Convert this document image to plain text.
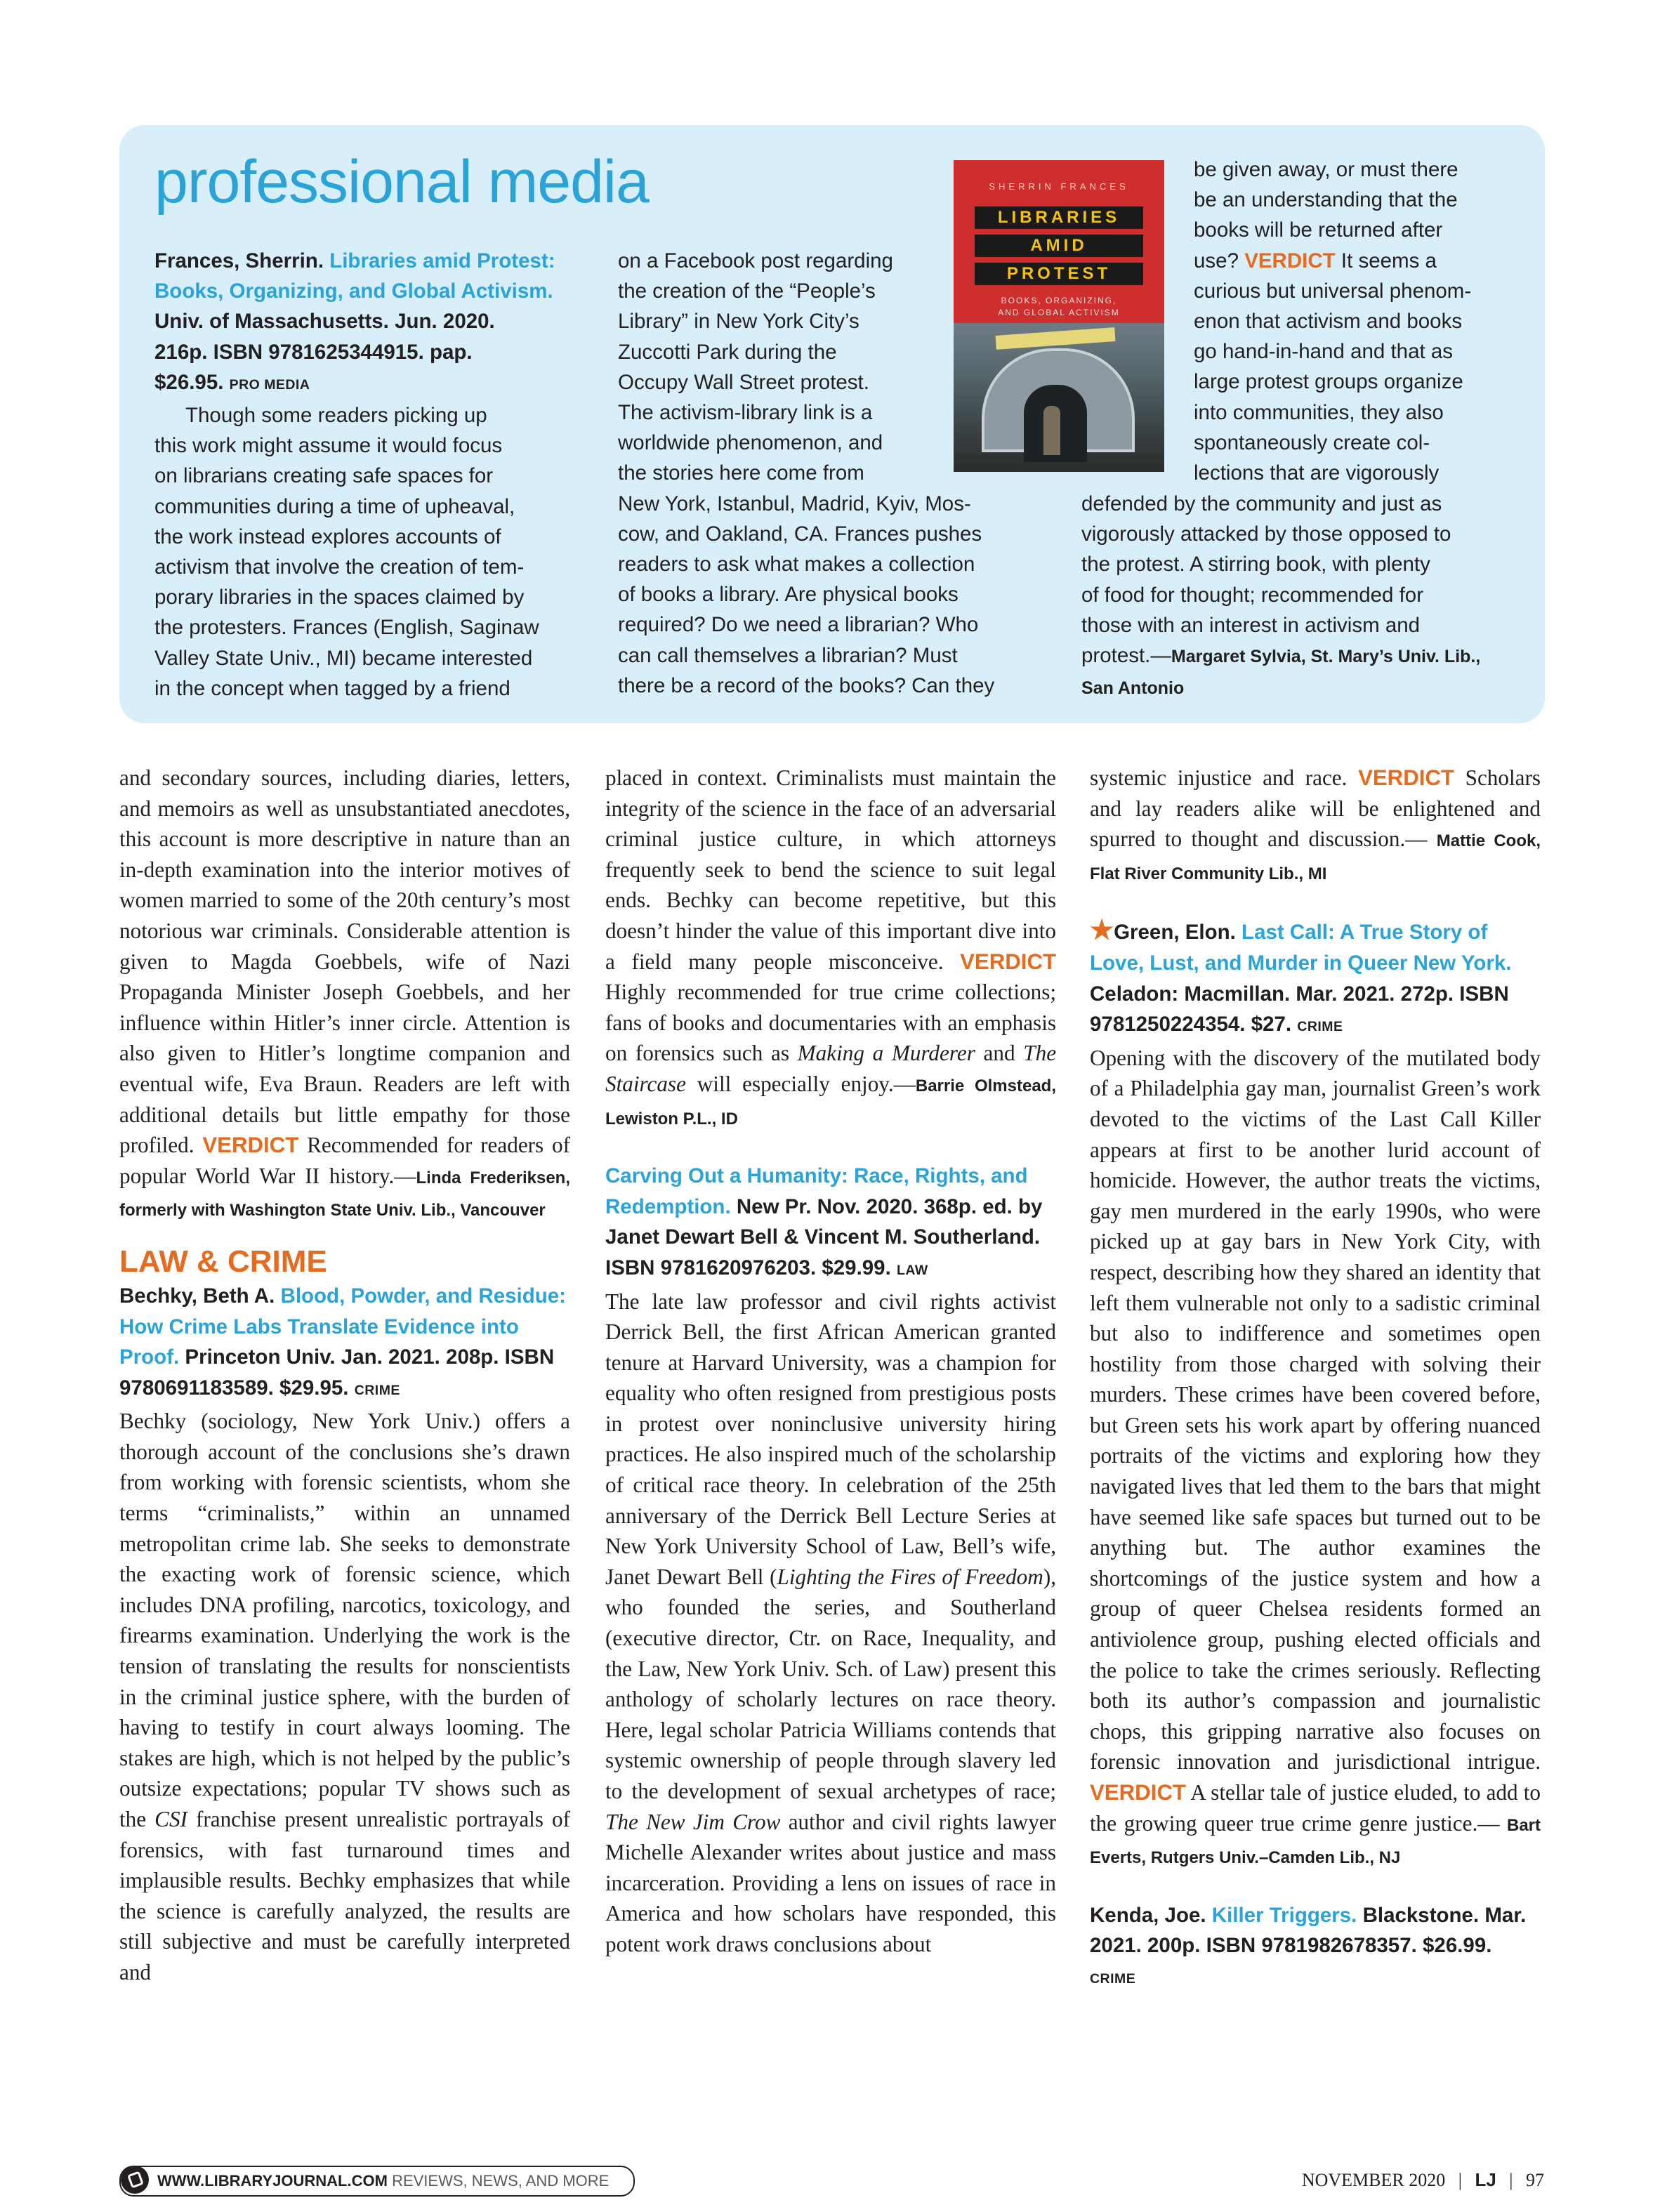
professional media

Frances, Sherrin. Libraries amid Protest: Books, Organizing, and Global Activism.

Univ. of Massachusetts. Jun. 2020.

216p. ISBN 9781625344915. pap.

$26.95. PRO MEDIA

Though some readers picking up

this work might assume it would focus

on librarians creating safe spaces for

communities during a time of upheaval,

the work instead explores accounts of

activism that involve the creation of tem-

porary libraries in the spaces claimed by

the protesters. Frances (English, Saginaw

Valley State Univ., MI) became interested

in the concept when tagged by a friend

on a Facebook post regarding

the creation of the “People’s

Library” in New York City’s

Zuccotti Park during the

Occupy Wall Street protest.

The activism-library link is a

worldwide phenomenon, and

the stories here come from

New York, Istanbul, Madrid, Kyiv, Mos-

cow, and Oakland, CA. Frances pushes

readers to ask what makes a collection

of books a library. Are physical books

required? Do we need a librarian? Who

can call themselves a librarian? Must

there be a record of the books? Can they

SHERRIN FRANCES
LIBRARIES
AMID
PROTEST
BOOKS, ORGANIZING,
AND GLOBAL ACTIVISM

be given away, or must there

be an understanding that the

books will be returned after

use? VERDICT It seems a

curious but universal phenom-

enon that activism and books

go hand-in-hand and that as

large protest groups organize

into communities, they also

spontaneously create col-

lections that are vigorously

defended by the community and just as

vigorously attacked by those opposed to

the protest. A stirring book, with plenty

of food for thought; recommended for

those with an interest in activism and

protest.—Margaret Sylvia, St. Mary’s Univ. Lib., San Antonio

and secondary sources, including diaries, letters, and memoirs as well as unsubstantiated anecdotes, this account is more descriptive in nature than an in-depth examination into the interior motives of women married to some of the 20th century’s most notorious war criminals. Considerable attention is given to Magda Goebbels, wife of Nazi Propaganda Minister Joseph Goebbels, and her influence within Hitler’s inner circle. Attention is also given to Hitler’s longtime companion and eventual wife, Eva Braun. Readers are left with additional details but little empathy for those profiled. VERDICT Recommended for readers of popular World War II history.—Linda Frederiksen, formerly with Washington State Univ. Lib., Vancouver

LAW & CRIME

Bechky, Beth A. Blood, Powder, and Residue: How Crime Labs Translate Evidence into Proof. Princeton Univ. Jan. 2021. 208p. ISBN 9780691183589. $29.95. CRIME

Bechky (sociology, New York Univ.) offers a thorough account of the conclusions she’s drawn from working with forensic scientists, whom she terms “criminalists,” within an unnamed metropolitan crime lab. She seeks to demonstrate the exacting work of forensic science, which includes DNA profiling, narcotics, toxicology, and firearms examination. Underlying the work is the tension of translating the results for nonscientists in the criminal justice sphere, with the burden of having to testify in court always looming. The stakes are high, which is not helped by the public’s outsize expectations; popular TV shows such as the CSI franchise present unrealistic portrayals of forensics, with fast turnaround times and implausible results. Bechky emphasizes that while the science is carefully analyzed, the results are still subjective and must be carefully interpreted and

placed in context. Criminalists must maintain the integrity of the science in the face of an adversarial criminal justice culture, in which attorneys frequently seek to bend the science to suit legal ends. Bechky can become repetitive, but this doesn’t hinder the value of this important dive into a field many people misconceive. VERDICT Highly recommended for true crime collections; fans of books and documentaries with an emphasis on forensics such as Making a Murderer and The Staircase will especially enjoy.—Barrie Olmstead, Lewiston P.L., ID

Carving Out a Humanity: Race, Rights, and Redemption. New Pr. Nov. 2020. 368p. ed. by Janet Dewart Bell & Vincent M. Southerland. ISBN 9781620976203. $29.99. LAW

The late law professor and civil rights activist Derrick Bell, the first African American granted tenure at Harvard University, was a champion for equality who often resigned from prestigious posts in protest over noninclusive university hiring practices. He also inspired much of the scholarship of critical race theory. In celebration of the 25th anniversary of the Derrick Bell Lecture Series at New York University School of Law, Bell’s wife, Janet Dewart Bell (Lighting the Fires of Freedom), who founded the series, and Southerland (executive director, Ctr. on Race, Inequality, and the Law, New York Univ. Sch. of Law) present this anthology of scholarly lectures on race theory. Here, legal scholar Patricia Williams contends that systemic ownership of people through slavery led to the development of sexual archetypes of race; The New Jim Crow author and civil rights lawyer Michelle Alexander writes about justice and mass incarceration. Providing a lens on issues of race in America and how scholars have responded, this potent work draws conclusions about

systemic injustice and race. VERDICT Scholars and lay readers alike will be enlightened and spurred to thought and discussion.— Mattie Cook, Flat River Community Lib., MI

★Green, Elon. Last Call: A True Story of Love, Lust, and Murder in Queer New York. Celadon: Macmillan. Mar. 2021. 272p. ISBN 9781250224354. $27. CRIME

Opening with the discovery of the mutilated body of a Philadelphia gay man, journalist Green’s work devoted to the victims of the Last Call Killer appears at first to be another lurid account of homicide. However, the author treats the victims, gay men murdered in the early 1990s, who were picked up at gay bars in New York City, with respect, describing how they shared an identity that left them vulnerable not only to a sadistic criminal but also to indifference and sometimes open hostility from those charged with solving their murders. These crimes have been covered before, but Green sets his work apart by offering nuanced portraits of the victims and exploring how they navigated lives that led them to the bars that might have seemed like safe spaces but turned out to be anything but. The author examines the shortcomings of the justice system and how a group of queer Chelsea residents formed an antiviolence group, pushing elected officials and the police to take the crimes seriously. Reflecting both its author’s compassion and journalistic chops, this gripping narrative also focuses on forensic innovation and jurisdictional intrigue. VERDICT A stellar tale of justice eluded, to add to the growing queer true crime genre justice.— Bart Everts, Rutgers Univ.–Camden Lib., NJ

Kenda, Joe. Killer Triggers. Blackstone. Mar. 2021. 200p. ISBN 9781982678357. $26.99. CRIME

WWW.LIBRARYJOURNAL.COM REVIEWS, NEWS, AND MORE	NOVEMBER 2020 | LJ | 97
